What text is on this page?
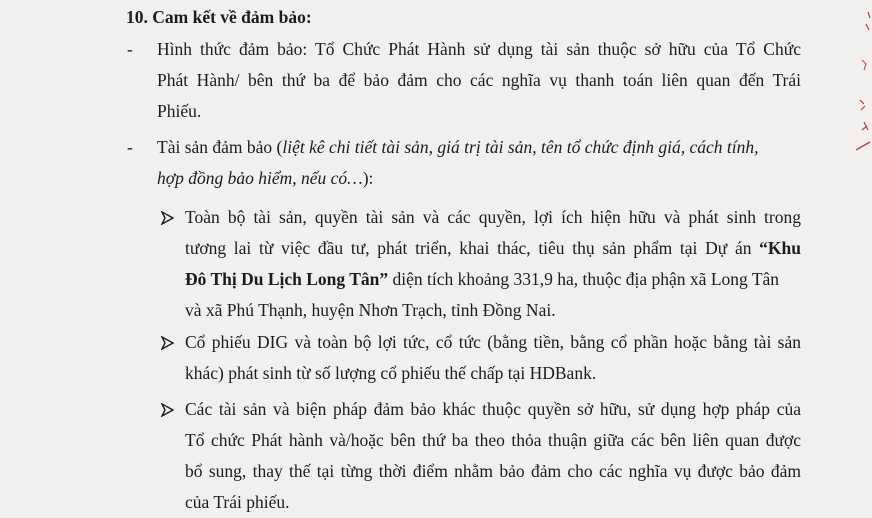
10. Cam kết về đảm bảo:
- Hình thức đảm bảo: Tổ Chức Phát Hành sử dụng tài sản thuộc sở hữu của Tổ Chức
Phát Hành/ bên thứ ba để bảo đảm cho các nghĩa vụ thanh toán liên quan đến Trái
Phiếu.
- Tài sản đảm bảo (liệt kê chi tiết tài sản, giá trị tài sản, tên tổ chức định giá, cách tính,
hợp đồng bảo hiểm, nếu có…):
Toàn bộ tài sản, quyền tài sản và các quyền, lợi ích hiện hữu và phát sinh trong
tương lai từ việc đầu tư, phát triển, khai thác, tiêu thụ sản phẩm tại Dự án “Khu
Đô Thị Du Lịch Long Tân” diện tích khoảng 331,9 ha, thuộc địa phận xã Long Tân
và xã Phú Thạnh, huyện Nhơn Trạch, tỉnh Đồng Nai.
Cổ phiếu DIG và toàn bộ lợi tức, cổ tức (bằng tiền, bằng cổ phần hoặc bằng tài sản
khác) phát sinh từ số lượng cổ phiếu thế chấp tại HDBank.
Các tài sản và biện pháp đảm bảo khác thuộc quyền sở hữu, sử dụng hợp pháp của
Tổ chức Phát hành và/hoặc bên thứ ba theo thỏa thuận giữa các bên liên quan được
bổ sung, thay thế tại từng thời điểm nhằm bảo đảm cho các nghĩa vụ được bảo đảm
của Trái phiếu.
